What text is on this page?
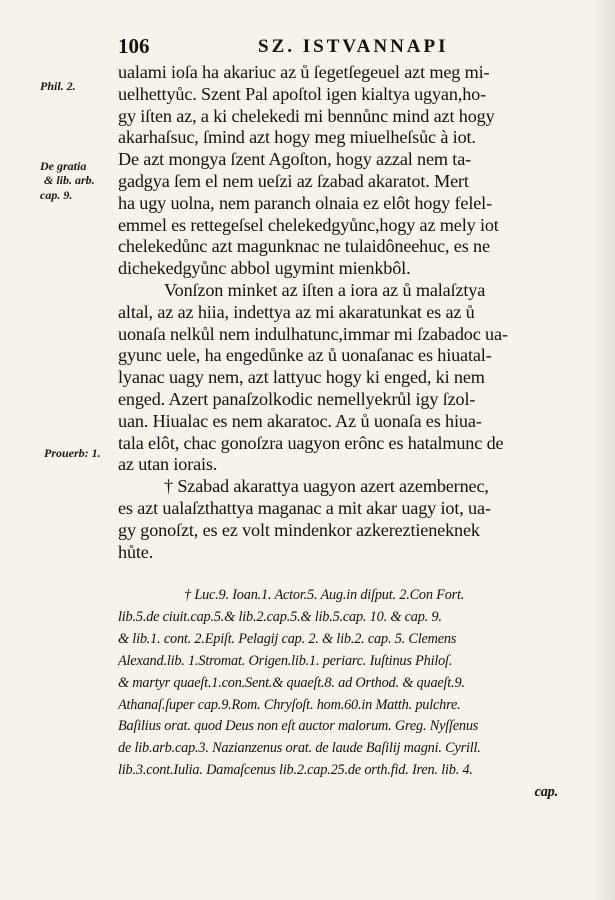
106	SZ. ISTVANNAPI
Phil. 2.
De gratia
& lib. arb.
cap. 9.
Prouerb: 1.
ualami ioſa ha akariuc az ů ſegetſegeuel azt meg mi-
uelhettyůc. Szent Pal apoſtol igen kialtya ugyan,ho-
gy iſten az, a ki chelekedi mi bennůnc mind azt hogy
akarhaſsuc, ſmind azt hogy meg miuelheſsůc à iot.
De azt mongya ſzent Agoſton, hogy azzal nem ta-
gadgya ſem el nem ueſzi az ſzabad akaratot. Mert
ha ugy uolna, nem paranch olnaia ez elôt hogy felel-
emmel es rettegeſsel chelekedgyůnc,hogy az mely iot
chelekedůnc azt magunknac ne tulaidôneehuc, es ne
dichekedgyůnc abbol ugymint mienkbôl.
Vonſzon minket az iſten a iora az ů malaſztya
altal, az az hiia, indettya az mi akaratunkat es az ů
uonaſa nelkůl nem indulhatunc,immar mi ſzabadoc ua-
gyunc uele, ha engedůnke az ů uonaſanac es hiuatal-
lyanac uagy nem, azt lattyuc hogy ki enged, ki nem
enged. Azert panaſzolkodic nemellyekrůl igy ſzol-
uan. Hiualac es nem akaratoc. Az ů uonaſa es hiua-
tala elôt, chac gonoſzra uagyon erônc es hatalmunc de
az utan iorais.
† Szabad akarattya uagyon azert azembernec,
es azt ualaſzthattya maganac a mit akar uagy iot, ua-
gy gonoſzt, es ez volt mindenkor azkereztieneknek
hůte.
† Luc.9. Ioan.1. Actor.5. Aug.in diſput. 2.Con Fort.
lib.5.de ciuit.cap.5.& lib.2.cap.5.& lib.5.cap. 10. & cap. 9.
& lib.1. cont. 2.Epiſt. Pelagij cap. 2. & lib.2. cap. 5. Clemens
Alexand.lib. 1.Stromat. Origen.lib.1. periarc. Iuſtinus Philoſ.
& martyr quaeſt.1.con.Sent.& quaeſt.8. ad Orthod. & quaeſt.9.
Athanaſ.ſuper cap.9.Rom. Chryſoſt. hom.60.in Matth. pulchre.
Baſilius orat. quod Deus non eſt auctor malorum. Greg. Nyſſenus
de lib.arb.cap.3. Nazianzenus orat. de laude Baſilij magni. Cyrill.
lib.3.cont.Iulia. Damaſcenus lib.2.cap.25.de orth.fid. Iren. lib. 4.
cap.
